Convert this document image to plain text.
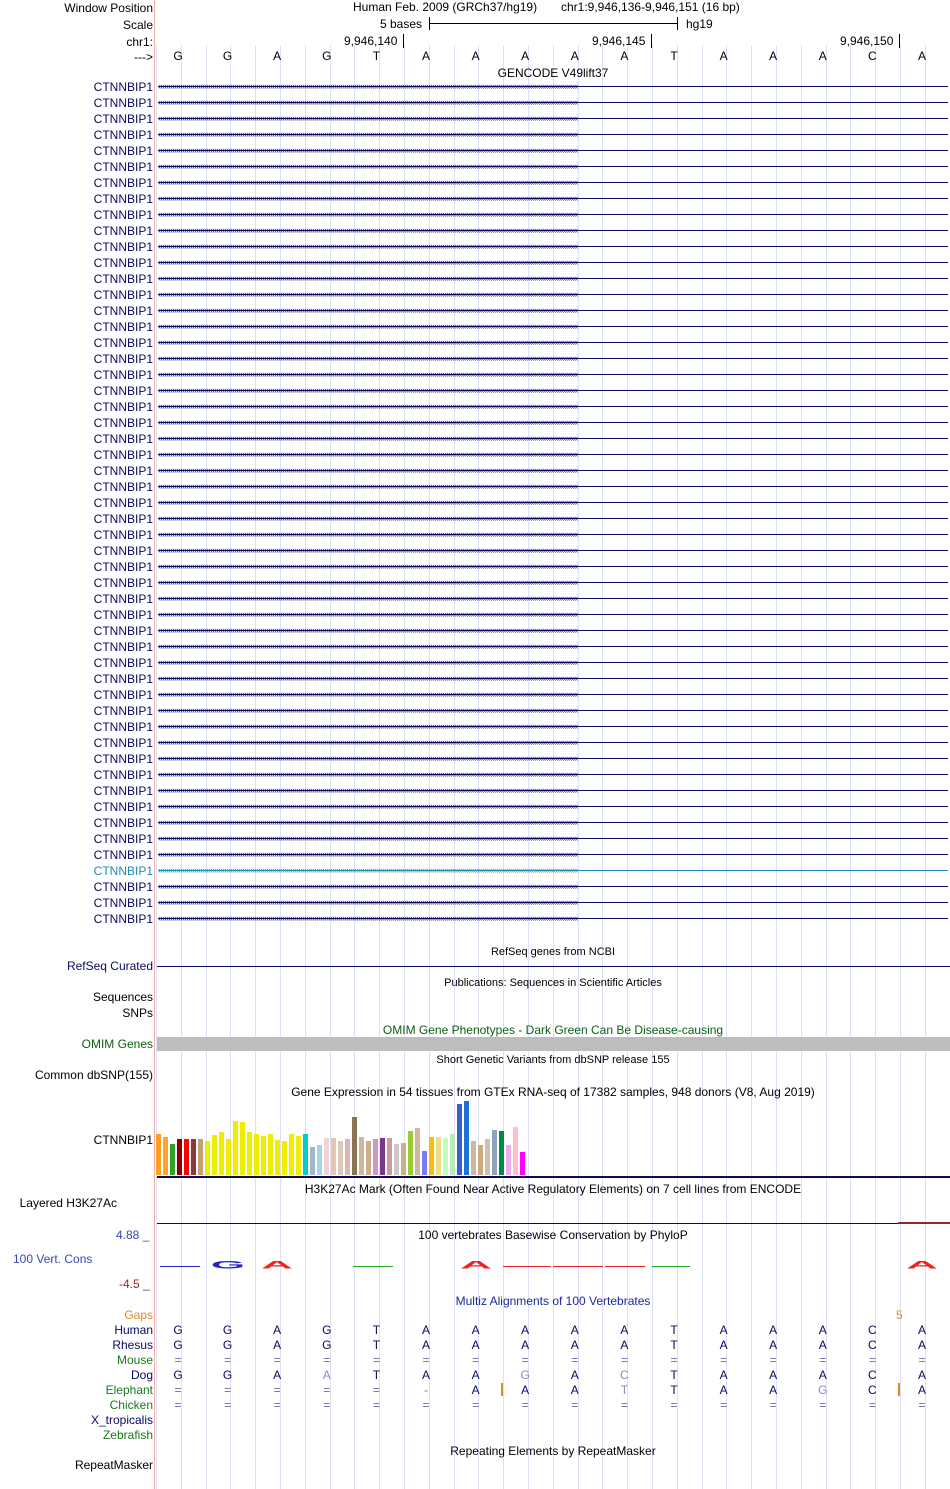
Window Position	Human Feb. 2009 (GRCh37/hg19) chr1:9,946,136-9,946,151 (16 bp)
Scale	5 bases	hg19
chr1:	9,946,140	9,946,145	9,946,150
--->	G	G	A	G	T	A	A	A	A	A	T	A	A	A	C	A
GENCODE V49lift37
CTNNBIP1 ‹‹‹‹‹‹‹‹‹‹‹‹‹‹‹‹‹‹‹‹‹‹‹‹‹‹‹‹‹‹‹‹‹‹‹‹‹‹‹‹‹‹‹‹‹‹‹‹‹‹‹‹‹‹‹‹‹‹‹‹‹‹‹‹‹‹‹‹‹‹‹‹‹‹‹‹‹‹‹‹‹‹‹‹‹‹‹‹‹‹‹‹‹‹‹‹‹‹‹‹‹‹‹‹‹‹‹‹‹‹‹‹‹‹‹‹‹‹‹‹‹‹‹‹‹‹‹‹‹‹‹‹‹‹‹‹‹‹‹‹‹‹‹‹‹‹‹‹‹‹‹‹‹‹‹‹‹‹‹‹‹‹‹‹‹‹‹‹‹‹‹‹‹‹‹‹‹‹‹‹‹‹‹‹‹‹‹‹‹‹‹‹‹‹‹‹‹‹‹‹‹‹‹‹‹‹‹‹‹‹
CTNNBIP1 ‹‹‹‹‹‹‹‹‹‹‹‹‹‹‹‹‹‹‹‹‹‹‹‹‹‹‹‹‹‹‹‹‹‹‹‹‹‹‹‹‹‹‹‹‹‹‹‹‹‹‹‹‹‹‹‹‹‹‹‹‹‹‹‹‹‹‹‹‹‹‹‹‹‹‹‹‹‹‹‹‹‹‹‹‹‹‹‹‹‹‹‹‹‹‹‹‹‹‹‹‹‹‹‹‹‹‹‹‹‹‹‹‹‹‹‹‹‹‹‹‹‹‹‹‹‹‹‹‹‹‹‹‹‹‹‹‹‹‹‹‹‹‹‹‹‹‹‹‹‹‹‹‹‹‹‹‹‹‹‹‹‹‹‹‹‹‹‹‹‹‹‹‹‹‹‹‹‹‹‹‹‹‹‹‹‹‹‹‹‹‹‹‹‹‹‹‹‹‹‹‹‹‹‹‹‹‹‹‹‹
CTNNBIP1 ‹‹‹‹‹‹‹‹‹‹‹‹‹‹‹‹‹‹‹‹‹‹‹‹‹‹‹‹‹‹‹‹‹‹‹‹‹‹‹‹‹‹‹‹‹‹‹‹‹‹‹‹‹‹‹‹‹‹‹‹‹‹‹‹‹‹‹‹‹‹‹‹‹‹‹‹‹‹‹‹‹‹‹‹‹‹‹‹‹‹‹‹‹‹‹‹‹‹‹‹‹‹‹‹‹‹‹‹‹‹‹‹‹‹‹‹‹‹‹‹‹‹‹‹‹‹‹‹‹‹‹‹‹‹‹‹‹‹‹‹‹‹‹‹‹‹‹‹‹‹‹‹‹‹‹‹‹‹‹‹‹‹‹‹‹‹‹‹‹‹‹‹‹‹‹‹‹‹‹‹‹‹‹‹‹‹‹‹‹‹‹‹‹‹‹‹‹‹‹‹‹‹‹‹‹‹‹‹‹‹
CTNNBIP1 ‹‹‹‹‹‹‹‹‹‹‹‹‹‹‹‹‹‹‹‹‹‹‹‹‹‹‹‹‹‹‹‹‹‹‹‹‹‹‹‹‹‹‹‹‹‹‹‹‹‹‹‹‹‹‹‹‹‹‹‹‹‹‹‹‹‹‹‹‹‹‹‹‹‹‹‹‹‹‹‹‹‹‹‹‹‹‹‹‹‹‹‹‹‹‹‹‹‹‹‹‹‹‹‹‹‹‹‹‹‹‹‹‹‹‹‹‹‹‹‹‹‹‹‹‹‹‹‹‹‹‹‹‹‹‹‹‹‹‹‹‹‹‹‹‹‹‹‹‹‹‹‹‹‹‹‹‹‹‹‹‹‹‹‹‹‹‹‹‹‹‹‹‹‹‹‹‹‹‹‹‹‹‹‹‹‹‹‹‹‹‹‹‹‹‹‹‹‹‹‹‹‹‹‹‹‹‹‹‹‹
CTNNBIP1 ‹‹‹‹‹‹‹‹‹‹‹‹‹‹‹‹‹‹‹‹‹‹‹‹‹‹‹‹‹‹‹‹‹‹‹‹‹‹‹‹‹‹‹‹‹‹‹‹‹‹‹‹‹‹‹‹‹‹‹‹‹‹‹‹‹‹‹‹‹‹‹‹‹‹‹‹‹‹‹‹‹‹‹‹‹‹‹‹‹‹‹‹‹‹‹‹‹‹‹‹‹‹‹‹‹‹‹‹‹‹‹‹‹‹‹‹‹‹‹‹‹‹‹‹‹‹‹‹‹‹‹‹‹‹‹‹‹‹‹‹‹‹‹‹‹‹‹‹‹‹‹‹‹‹‹‹‹‹‹‹‹‹‹‹‹‹‹‹‹‹‹‹‹‹‹‹‹‹‹‹‹‹‹‹‹‹‹‹‹‹‹‹‹‹‹‹‹‹‹‹‹‹‹‹‹‹‹‹‹‹
CTNNBIP1 ‹‹‹‹‹‹‹‹‹‹‹‹‹‹‹‹‹‹‹‹‹‹‹‹‹‹‹‹‹‹‹‹‹‹‹‹‹‹‹‹‹‹‹‹‹‹‹‹‹‹‹‹‹‹‹‹‹‹‹‹‹‹‹‹‹‹‹‹‹‹‹‹‹‹‹‹‹‹‹‹‹‹‹‹‹‹‹‹‹‹‹‹‹‹‹‹‹‹‹‹‹‹‹‹‹‹‹‹‹‹‹‹‹‹‹‹‹‹‹‹‹‹‹‹‹‹‹‹‹‹‹‹‹‹‹‹‹‹‹‹‹‹‹‹‹‹‹‹‹‹‹‹‹‹‹‹‹‹‹‹‹‹‹‹‹‹‹‹‹‹‹‹‹‹‹‹‹‹‹‹‹‹‹‹‹‹‹‹‹‹‹‹‹‹‹‹‹‹‹‹‹‹‹‹‹‹‹‹‹‹
CTNNBIP1 ‹‹‹‹‹‹‹‹‹‹‹‹‹‹‹‹‹‹‹‹‹‹‹‹‹‹‹‹‹‹‹‹‹‹‹‹‹‹‹‹‹‹‹‹‹‹‹‹‹‹‹‹‹‹‹‹‹‹‹‹‹‹‹‹‹‹‹‹‹‹‹‹‹‹‹‹‹‹‹‹‹‹‹‹‹‹‹‹‹‹‹‹‹‹‹‹‹‹‹‹‹‹‹‹‹‹‹‹‹‹‹‹‹‹‹‹‹‹‹‹‹‹‹‹‹‹‹‹‹‹‹‹‹‹‹‹‹‹‹‹‹‹‹‹‹‹‹‹‹‹‹‹‹‹‹‹‹‹‹‹‹‹‹‹‹‹‹‹‹‹‹‹‹‹‹‹‹‹‹‹‹‹‹‹‹‹‹‹‹‹‹‹‹‹‹‹‹‹‹‹‹‹‹‹‹‹‹‹‹‹
CTNNBIP1 ‹‹‹‹‹‹‹‹‹‹‹‹‹‹‹‹‹‹‹‹‹‹‹‹‹‹‹‹‹‹‹‹‹‹‹‹‹‹‹‹‹‹‹‹‹‹‹‹‹‹‹‹‹‹‹‹‹‹‹‹‹‹‹‹‹‹‹‹‹‹‹‹‹‹‹‹‹‹‹‹‹‹‹‹‹‹‹‹‹‹‹‹‹‹‹‹‹‹‹‹‹‹‹‹‹‹‹‹‹‹‹‹‹‹‹‹‹‹‹‹‹‹‹‹‹‹‹‹‹‹‹‹‹‹‹‹‹‹‹‹‹‹‹‹‹‹‹‹‹‹‹‹‹‹‹‹‹‹‹‹‹‹‹‹‹‹‹‹‹‹‹‹‹‹‹‹‹‹‹‹‹‹‹‹‹‹‹‹‹‹‹‹‹‹‹‹‹‹‹‹‹‹‹‹‹‹‹‹‹‹
CTNNBIP1 ‹‹‹‹‹‹‹‹‹‹‹‹‹‹‹‹‹‹‹‹‹‹‹‹‹‹‹‹‹‹‹‹‹‹‹‹‹‹‹‹‹‹‹‹‹‹‹‹‹‹‹‹‹‹‹‹‹‹‹‹‹‹‹‹‹‹‹‹‹‹‹‹‹‹‹‹‹‹‹‹‹‹‹‹‹‹‹‹‹‹‹‹‹‹‹‹‹‹‹‹‹‹‹‹‹‹‹‹‹‹‹‹‹‹‹‹‹‹‹‹‹‹‹‹‹‹‹‹‹‹‹‹‹‹‹‹‹‹‹‹‹‹‹‹‹‹‹‹‹‹‹‹‹‹‹‹‹‹‹‹‹‹‹‹‹‹‹‹‹‹‹‹‹‹‹‹‹‹‹‹‹‹‹‹‹‹‹‹‹‹‹‹‹‹‹‹‹‹‹‹‹‹‹‹‹‹‹‹‹‹
CTNNBIP1 ‹‹‹‹‹‹‹‹‹‹‹‹‹‹‹‹‹‹‹‹‹‹‹‹‹‹‹‹‹‹‹‹‹‹‹‹‹‹‹‹‹‹‹‹‹‹‹‹‹‹‹‹‹‹‹‹‹‹‹‹‹‹‹‹‹‹‹‹‹‹‹‹‹‹‹‹‹‹‹‹‹‹‹‹‹‹‹‹‹‹‹‹‹‹‹‹‹‹‹‹‹‹‹‹‹‹‹‹‹‹‹‹‹‹‹‹‹‹‹‹‹‹‹‹‹‹‹‹‹‹‹‹‹‹‹‹‹‹‹‹‹‹‹‹‹‹‹‹‹‹‹‹‹‹‹‹‹‹‹‹‹‹‹‹‹‹‹‹‹‹‹‹‹‹‹‹‹‹‹‹‹‹‹‹‹‹‹‹‹‹‹‹‹‹‹‹‹‹‹‹‹‹‹‹‹‹‹‹‹‹
CTNNBIP1 ‹‹‹‹‹‹‹‹‹‹‹‹‹‹‹‹‹‹‹‹‹‹‹‹‹‹‹‹‹‹‹‹‹‹‹‹‹‹‹‹‹‹‹‹‹‹‹‹‹‹‹‹‹‹‹‹‹‹‹‹‹‹‹‹‹‹‹‹‹‹‹‹‹‹‹‹‹‹‹‹‹‹‹‹‹‹‹‹‹‹‹‹‹‹‹‹‹‹‹‹‹‹‹‹‹‹‹‹‹‹‹‹‹‹‹‹‹‹‹‹‹‹‹‹‹‹‹‹‹‹‹‹‹‹‹‹‹‹‹‹‹‹‹‹‹‹‹‹‹‹‹‹‹‹‹‹‹‹‹‹‹‹‹‹‹‹‹‹‹‹‹‹‹‹‹‹‹‹‹‹‹‹‹‹‹‹‹‹‹‹‹‹‹‹‹‹‹‹‹‹‹‹‹‹‹‹‹‹‹‹
CTNNBIP1 ‹‹‹‹‹‹‹‹‹‹‹‹‹‹‹‹‹‹‹‹‹‹‹‹‹‹‹‹‹‹‹‹‹‹‹‹‹‹‹‹‹‹‹‹‹‹‹‹‹‹‹‹‹‹‹‹‹‹‹‹‹‹‹‹‹‹‹‹‹‹‹‹‹‹‹‹‹‹‹‹‹‹‹‹‹‹‹‹‹‹‹‹‹‹‹‹‹‹‹‹‹‹‹‹‹‹‹‹‹‹‹‹‹‹‹‹‹‹‹‹‹‹‹‹‹‹‹‹‹‹‹‹‹‹‹‹‹‹‹‹‹‹‹‹‹‹‹‹‹‹‹‹‹‹‹‹‹‹‹‹‹‹‹‹‹‹‹‹‹‹‹‹‹‹‹‹‹‹‹‹‹‹‹‹‹‹‹‹‹‹‹‹‹‹‹‹‹‹‹‹‹‹‹‹‹‹‹‹‹‹
CTNNBIP1 ‹‹‹‹‹‹‹‹‹‹‹‹‹‹‹‹‹‹‹‹‹‹‹‹‹‹‹‹‹‹‹‹‹‹‹‹‹‹‹‹‹‹‹‹‹‹‹‹‹‹‹‹‹‹‹‹‹‹‹‹‹‹‹‹‹‹‹‹‹‹‹‹‹‹‹‹‹‹‹‹‹‹‹‹‹‹‹‹‹‹‹‹‹‹‹‹‹‹‹‹‹‹‹‹‹‹‹‹‹‹‹‹‹‹‹‹‹‹‹‹‹‹‹‹‹‹‹‹‹‹‹‹‹‹‹‹‹‹‹‹‹‹‹‹‹‹‹‹‹‹‹‹‹‹‹‹‹‹‹‹‹‹‹‹‹‹‹‹‹‹‹‹‹‹‹‹‹‹‹‹‹‹‹‹‹‹‹‹‹‹‹‹‹‹‹‹‹‹‹‹‹‹‹‹‹‹‹‹‹‹
CTNNBIP1 ‹‹‹‹‹‹‹‹‹‹‹‹‹‹‹‹‹‹‹‹‹‹‹‹‹‹‹‹‹‹‹‹‹‹‹‹‹‹‹‹‹‹‹‹‹‹‹‹‹‹‹‹‹‹‹‹‹‹‹‹‹‹‹‹‹‹‹‹‹‹‹‹‹‹‹‹‹‹‹‹‹‹‹‹‹‹‹‹‹‹‹‹‹‹‹‹‹‹‹‹‹‹‹‹‹‹‹‹‹‹‹‹‹‹‹‹‹‹‹‹‹‹‹‹‹‹‹‹‹‹‹‹‹‹‹‹‹‹‹‹‹‹‹‹‹‹‹‹‹‹‹‹‹‹‹‹‹‹‹‹‹‹‹‹‹‹‹‹‹‹‹‹‹‹‹‹‹‹‹‹‹‹‹‹‹‹‹‹‹‹‹‹‹‹‹‹‹‹‹‹‹‹‹‹‹‹‹‹‹‹
CTNNBIP1 ‹‹‹‹‹‹‹‹‹‹‹‹‹‹‹‹‹‹‹‹‹‹‹‹‹‹‹‹‹‹‹‹‹‹‹‹‹‹‹‹‹‹‹‹‹‹‹‹‹‹‹‹‹‹‹‹‹‹‹‹‹‹‹‹‹‹‹‹‹‹‹‹‹‹‹‹‹‹‹‹‹‹‹‹‹‹‹‹‹‹‹‹‹‹‹‹‹‹‹‹‹‹‹‹‹‹‹‹‹‹‹‹‹‹‹‹‹‹‹‹‹‹‹‹‹‹‹‹‹‹‹‹‹‹‹‹‹‹‹‹‹‹‹‹‹‹‹‹‹‹‹‹‹‹‹‹‹‹‹‹‹‹‹‹‹‹‹‹‹‹‹‹‹‹‹‹‹‹‹‹‹‹‹‹‹‹‹‹‹‹‹‹‹‹‹‹‹‹‹‹‹‹‹‹‹‹‹‹‹‹
CTNNBIP1 ‹‹‹‹‹‹‹‹‹‹‹‹‹‹‹‹‹‹‹‹‹‹‹‹‹‹‹‹‹‹‹‹‹‹‹‹‹‹‹‹‹‹‹‹‹‹‹‹‹‹‹‹‹‹‹‹‹‹‹‹‹‹‹‹‹‹‹‹‹‹‹‹‹‹‹‹‹‹‹‹‹‹‹‹‹‹‹‹‹‹‹‹‹‹‹‹‹‹‹‹‹‹‹‹‹‹‹‹‹‹‹‹‹‹‹‹‹‹‹‹‹‹‹‹‹‹‹‹‹‹‹‹‹‹‹‹‹‹‹‹‹‹‹‹‹‹‹‹‹‹‹‹‹‹‹‹‹‹‹‹‹‹‹‹‹‹‹‹‹‹‹‹‹‹‹‹‹‹‹‹‹‹‹‹‹‹‹‹‹‹‹‹‹‹‹‹‹‹‹‹‹‹‹‹‹‹‹‹‹‹
CTNNBIP1 ‹‹‹‹‹‹‹‹‹‹‹‹‹‹‹‹‹‹‹‹‹‹‹‹‹‹‹‹‹‹‹‹‹‹‹‹‹‹‹‹‹‹‹‹‹‹‹‹‹‹‹‹‹‹‹‹‹‹‹‹‹‹‹‹‹‹‹‹‹‹‹‹‹‹‹‹‹‹‹‹‹‹‹‹‹‹‹‹‹‹‹‹‹‹‹‹‹‹‹‹‹‹‹‹‹‹‹‹‹‹‹‹‹‹‹‹‹‹‹‹‹‹‹‹‹‹‹‹‹‹‹‹‹‹‹‹‹‹‹‹‹‹‹‹‹‹‹‹‹‹‹‹‹‹‹‹‹‹‹‹‹‹‹‹‹‹‹‹‹‹‹‹‹‹‹‹‹‹‹‹‹‹‹‹‹‹‹‹‹‹‹‹‹‹‹‹‹‹‹‹‹‹‹‹‹‹‹‹‹‹
CTNNBIP1 ‹‹‹‹‹‹‹‹‹‹‹‹‹‹‹‹‹‹‹‹‹‹‹‹‹‹‹‹‹‹‹‹‹‹‹‹‹‹‹‹‹‹‹‹‹‹‹‹‹‹‹‹‹‹‹‹‹‹‹‹‹‹‹‹‹‹‹‹‹‹‹‹‹‹‹‹‹‹‹‹‹‹‹‹‹‹‹‹‹‹‹‹‹‹‹‹‹‹‹‹‹‹‹‹‹‹‹‹‹‹‹‹‹‹‹‹‹‹‹‹‹‹‹‹‹‹‹‹‹‹‹‹‹‹‹‹‹‹‹‹‹‹‹‹‹‹‹‹‹‹‹‹‹‹‹‹‹‹‹‹‹‹‹‹‹‹‹‹‹‹‹‹‹‹‹‹‹‹‹‹‹‹‹‹‹‹‹‹‹‹‹‹‹‹‹‹‹‹‹‹‹‹‹‹‹‹‹‹‹‹
CTNNBIP1 ‹‹‹‹‹‹‹‹‹‹‹‹‹‹‹‹‹‹‹‹‹‹‹‹‹‹‹‹‹‹‹‹‹‹‹‹‹‹‹‹‹‹‹‹‹‹‹‹‹‹‹‹‹‹‹‹‹‹‹‹‹‹‹‹‹‹‹‹‹‹‹‹‹‹‹‹‹‹‹‹‹‹‹‹‹‹‹‹‹‹‹‹‹‹‹‹‹‹‹‹‹‹‹‹‹‹‹‹‹‹‹‹‹‹‹‹‹‹‹‹‹‹‹‹‹‹‹‹‹‹‹‹‹‹‹‹‹‹‹‹‹‹‹‹‹‹‹‹‹‹‹‹‹‹‹‹‹‹‹‹‹‹‹‹‹‹‹‹‹‹‹‹‹‹‹‹‹‹‹‹‹‹‹‹‹‹‹‹‹‹‹‹‹‹‹‹‹‹‹‹‹‹‹‹‹‹‹‹‹‹
CTNNBIP1 ‹‹‹‹‹‹‹‹‹‹‹‹‹‹‹‹‹‹‹‹‹‹‹‹‹‹‹‹‹‹‹‹‹‹‹‹‹‹‹‹‹‹‹‹‹‹‹‹‹‹‹‹‹‹‹‹‹‹‹‹‹‹‹‹‹‹‹‹‹‹‹‹‹‹‹‹‹‹‹‹‹‹‹‹‹‹‹‹‹‹‹‹‹‹‹‹‹‹‹‹‹‹‹‹‹‹‹‹‹‹‹‹‹‹‹‹‹‹‹‹‹‹‹‹‹‹‹‹‹‹‹‹‹‹‹‹‹‹‹‹‹‹‹‹‹‹‹‹‹‹‹‹‹‹‹‹‹‹‹‹‹‹‹‹‹‹‹‹‹‹‹‹‹‹‹‹‹‹‹‹‹‹‹‹‹‹‹‹‹‹‹‹‹‹‹‹‹‹‹‹‹‹‹‹‹‹‹‹‹‹
CTNNBIP1 ‹‹‹‹‹‹‹‹‹‹‹‹‹‹‹‹‹‹‹‹‹‹‹‹‹‹‹‹‹‹‹‹‹‹‹‹‹‹‹‹‹‹‹‹‹‹‹‹‹‹‹‹‹‹‹‹‹‹‹‹‹‹‹‹‹‹‹‹‹‹‹‹‹‹‹‹‹‹‹‹‹‹‹‹‹‹‹‹‹‹‹‹‹‹‹‹‹‹‹‹‹‹‹‹‹‹‹‹‹‹‹‹‹‹‹‹‹‹‹‹‹‹‹‹‹‹‹‹‹‹‹‹‹‹‹‹‹‹‹‹‹‹‹‹‹‹‹‹‹‹‹‹‹‹‹‹‹‹‹‹‹‹‹‹‹‹‹‹‹‹‹‹‹‹‹‹‹‹‹‹‹‹‹‹‹‹‹‹‹‹‹‹‹‹‹‹‹‹‹‹‹‹‹‹‹‹‹‹‹‹
CTNNBIP1 ‹‹‹‹‹‹‹‹‹‹‹‹‹‹‹‹‹‹‹‹‹‹‹‹‹‹‹‹‹‹‹‹‹‹‹‹‹‹‹‹‹‹‹‹‹‹‹‹‹‹‹‹‹‹‹‹‹‹‹‹‹‹‹‹‹‹‹‹‹‹‹‹‹‹‹‹‹‹‹‹‹‹‹‹‹‹‹‹‹‹‹‹‹‹‹‹‹‹‹‹‹‹‹‹‹‹‹‹‹‹‹‹‹‹‹‹‹‹‹‹‹‹‹‹‹‹‹‹‹‹‹‹‹‹‹‹‹‹‹‹‹‹‹‹‹‹‹‹‹‹‹‹‹‹‹‹‹‹‹‹‹‹‹‹‹‹‹‹‹‹‹‹‹‹‹‹‹‹‹‹‹‹‹‹‹‹‹‹‹‹‹‹‹‹‹‹‹‹‹‹‹‹‹‹‹‹‹‹‹‹
CTNNBIP1 ‹‹‹‹‹‹‹‹‹‹‹‹‹‹‹‹‹‹‹‹‹‹‹‹‹‹‹‹‹‹‹‹‹‹‹‹‹‹‹‹‹‹‹‹‹‹‹‹‹‹‹‹‹‹‹‹‹‹‹‹‹‹‹‹‹‹‹‹‹‹‹‹‹‹‹‹‹‹‹‹‹‹‹‹‹‹‹‹‹‹‹‹‹‹‹‹‹‹‹‹‹‹‹‹‹‹‹‹‹‹‹‹‹‹‹‹‹‹‹‹‹‹‹‹‹‹‹‹‹‹‹‹‹‹‹‹‹‹‹‹‹‹‹‹‹‹‹‹‹‹‹‹‹‹‹‹‹‹‹‹‹‹‹‹‹‹‹‹‹‹‹‹‹‹‹‹‹‹‹‹‹‹‹‹‹‹‹‹‹‹‹‹‹‹‹‹‹‹‹‹‹‹‹‹‹‹‹‹‹‹
CTNNBIP1 ‹‹‹‹‹‹‹‹‹‹‹‹‹‹‹‹‹‹‹‹‹‹‹‹‹‹‹‹‹‹‹‹‹‹‹‹‹‹‹‹‹‹‹‹‹‹‹‹‹‹‹‹‹‹‹‹‹‹‹‹‹‹‹‹‹‹‹‹‹‹‹‹‹‹‹‹‹‹‹‹‹‹‹‹‹‹‹‹‹‹‹‹‹‹‹‹‹‹‹‹‹‹‹‹‹‹‹‹‹‹‹‹‹‹‹‹‹‹‹‹‹‹‹‹‹‹‹‹‹‹‹‹‹‹‹‹‹‹‹‹‹‹‹‹‹‹‹‹‹‹‹‹‹‹‹‹‹‹‹‹‹‹‹‹‹‹‹‹‹‹‹‹‹‹‹‹‹‹‹‹‹‹‹‹‹‹‹‹‹‹‹‹‹‹‹‹‹‹‹‹‹‹‹‹‹‹‹‹‹‹
CTNNBIP1 ‹‹‹‹‹‹‹‹‹‹‹‹‹‹‹‹‹‹‹‹‹‹‹‹‹‹‹‹‹‹‹‹‹‹‹‹‹‹‹‹‹‹‹‹‹‹‹‹‹‹‹‹‹‹‹‹‹‹‹‹‹‹‹‹‹‹‹‹‹‹‹‹‹‹‹‹‹‹‹‹‹‹‹‹‹‹‹‹‹‹‹‹‹‹‹‹‹‹‹‹‹‹‹‹‹‹‹‹‹‹‹‹‹‹‹‹‹‹‹‹‹‹‹‹‹‹‹‹‹‹‹‹‹‹‹‹‹‹‹‹‹‹‹‹‹‹‹‹‹‹‹‹‹‹‹‹‹‹‹‹‹‹‹‹‹‹‹‹‹‹‹‹‹‹‹‹‹‹‹‹‹‹‹‹‹‹‹‹‹‹‹‹‹‹‹‹‹‹‹‹‹‹‹‹‹‹‹‹‹‹
CTNNBIP1 ‹‹‹‹‹‹‹‹‹‹‹‹‹‹‹‹‹‹‹‹‹‹‹‹‹‹‹‹‹‹‹‹‹‹‹‹‹‹‹‹‹‹‹‹‹‹‹‹‹‹‹‹‹‹‹‹‹‹‹‹‹‹‹‹‹‹‹‹‹‹‹‹‹‹‹‹‹‹‹‹‹‹‹‹‹‹‹‹‹‹‹‹‹‹‹‹‹‹‹‹‹‹‹‹‹‹‹‹‹‹‹‹‹‹‹‹‹‹‹‹‹‹‹‹‹‹‹‹‹‹‹‹‹‹‹‹‹‹‹‹‹‹‹‹‹‹‹‹‹‹‹‹‹‹‹‹‹‹‹‹‹‹‹‹‹‹‹‹‹‹‹‹‹‹‹‹‹‹‹‹‹‹‹‹‹‹‹‹‹‹‹‹‹‹‹‹‹‹‹‹‹‹‹‹‹‹‹‹‹‹
CTNNBIP1 ‹‹‹‹‹‹‹‹‹‹‹‹‹‹‹‹‹‹‹‹‹‹‹‹‹‹‹‹‹‹‹‹‹‹‹‹‹‹‹‹‹‹‹‹‹‹‹‹‹‹‹‹‹‹‹‹‹‹‹‹‹‹‹‹‹‹‹‹‹‹‹‹‹‹‹‹‹‹‹‹‹‹‹‹‹‹‹‹‹‹‹‹‹‹‹‹‹‹‹‹‹‹‹‹‹‹‹‹‹‹‹‹‹‹‹‹‹‹‹‹‹‹‹‹‹‹‹‹‹‹‹‹‹‹‹‹‹‹‹‹‹‹‹‹‹‹‹‹‹‹‹‹‹‹‹‹‹‹‹‹‹‹‹‹‹‹‹‹‹‹‹‹‹‹‹‹‹‹‹‹‹‹‹‹‹‹‹‹‹‹‹‹‹‹‹‹‹‹‹‹‹‹‹‹‹‹‹‹‹‹
CTNNBIP1 ‹‹‹‹‹‹‹‹‹‹‹‹‹‹‹‹‹‹‹‹‹‹‹‹‹‹‹‹‹‹‹‹‹‹‹‹‹‹‹‹‹‹‹‹‹‹‹‹‹‹‹‹‹‹‹‹‹‹‹‹‹‹‹‹‹‹‹‹‹‹‹‹‹‹‹‹‹‹‹‹‹‹‹‹‹‹‹‹‹‹‹‹‹‹‹‹‹‹‹‹‹‹‹‹‹‹‹‹‹‹‹‹‹‹‹‹‹‹‹‹‹‹‹‹‹‹‹‹‹‹‹‹‹‹‹‹‹‹‹‹‹‹‹‹‹‹‹‹‹‹‹‹‹‹‹‹‹‹‹‹‹‹‹‹‹‹‹‹‹‹‹‹‹‹‹‹‹‹‹‹‹‹‹‹‹‹‹‹‹‹‹‹‹‹‹‹‹‹‹‹‹‹‹‹‹‹‹‹‹‹
CTNNBIP1 ‹‹‹‹‹‹‹‹‹‹‹‹‹‹‹‹‹‹‹‹‹‹‹‹‹‹‹‹‹‹‹‹‹‹‹‹‹‹‹‹‹‹‹‹‹‹‹‹‹‹‹‹‹‹‹‹‹‹‹‹‹‹‹‹‹‹‹‹‹‹‹‹‹‹‹‹‹‹‹‹‹‹‹‹‹‹‹‹‹‹‹‹‹‹‹‹‹‹‹‹‹‹‹‹‹‹‹‹‹‹‹‹‹‹‹‹‹‹‹‹‹‹‹‹‹‹‹‹‹‹‹‹‹‹‹‹‹‹‹‹‹‹‹‹‹‹‹‹‹‹‹‹‹‹‹‹‹‹‹‹‹‹‹‹‹‹‹‹‹‹‹‹‹‹‹‹‹‹‹‹‹‹‹‹‹‹‹‹‹‹‹‹‹‹‹‹‹‹‹‹‹‹‹‹‹‹‹‹‹‹
CTNNBIP1 ‹‹‹‹‹‹‹‹‹‹‹‹‹‹‹‹‹‹‹‹‹‹‹‹‹‹‹‹‹‹‹‹‹‹‹‹‹‹‹‹‹‹‹‹‹‹‹‹‹‹‹‹‹‹‹‹‹‹‹‹‹‹‹‹‹‹‹‹‹‹‹‹‹‹‹‹‹‹‹‹‹‹‹‹‹‹‹‹‹‹‹‹‹‹‹‹‹‹‹‹‹‹‹‹‹‹‹‹‹‹‹‹‹‹‹‹‹‹‹‹‹‹‹‹‹‹‹‹‹‹‹‹‹‹‹‹‹‹‹‹‹‹‹‹‹‹‹‹‹‹‹‹‹‹‹‹‹‹‹‹‹‹‹‹‹‹‹‹‹‹‹‹‹‹‹‹‹‹‹‹‹‹‹‹‹‹‹‹‹‹‹‹‹‹‹‹‹‹‹‹‹‹‹‹‹‹‹‹‹‹
CTNNBIP1 ‹‹‹‹‹‹‹‹‹‹‹‹‹‹‹‹‹‹‹‹‹‹‹‹‹‹‹‹‹‹‹‹‹‹‹‹‹‹‹‹‹‹‹‹‹‹‹‹‹‹‹‹‹‹‹‹‹‹‹‹‹‹‹‹‹‹‹‹‹‹‹‹‹‹‹‹‹‹‹‹‹‹‹‹‹‹‹‹‹‹‹‹‹‹‹‹‹‹‹‹‹‹‹‹‹‹‹‹‹‹‹‹‹‹‹‹‹‹‹‹‹‹‹‹‹‹‹‹‹‹‹‹‹‹‹‹‹‹‹‹‹‹‹‹‹‹‹‹‹‹‹‹‹‹‹‹‹‹‹‹‹‹‹‹‹‹‹‹‹‹‹‹‹‹‹‹‹‹‹‹‹‹‹‹‹‹‹‹‹‹‹‹‹‹‹‹‹‹‹‹‹‹‹‹‹‹‹‹‹‹
CTNNBIP1 ‹‹‹‹‹‹‹‹‹‹‹‹‹‹‹‹‹‹‹‹‹‹‹‹‹‹‹‹‹‹‹‹‹‹‹‹‹‹‹‹‹‹‹‹‹‹‹‹‹‹‹‹‹‹‹‹‹‹‹‹‹‹‹‹‹‹‹‹‹‹‹‹‹‹‹‹‹‹‹‹‹‹‹‹‹‹‹‹‹‹‹‹‹‹‹‹‹‹‹‹‹‹‹‹‹‹‹‹‹‹‹‹‹‹‹‹‹‹‹‹‹‹‹‹‹‹‹‹‹‹‹‹‹‹‹‹‹‹‹‹‹‹‹‹‹‹‹‹‹‹‹‹‹‹‹‹‹‹‹‹‹‹‹‹‹‹‹‹‹‹‹‹‹‹‹‹‹‹‹‹‹‹‹‹‹‹‹‹‹‹‹‹‹‹‹‹‹‹‹‹‹‹‹‹‹‹‹‹‹‹
CTNNBIP1 ‹‹‹‹‹‹‹‹‹‹‹‹‹‹‹‹‹‹‹‹‹‹‹‹‹‹‹‹‹‹‹‹‹‹‹‹‹‹‹‹‹‹‹‹‹‹‹‹‹‹‹‹‹‹‹‹‹‹‹‹‹‹‹‹‹‹‹‹‹‹‹‹‹‹‹‹‹‹‹‹‹‹‹‹‹‹‹‹‹‹‹‹‹‹‹‹‹‹‹‹‹‹‹‹‹‹‹‹‹‹‹‹‹‹‹‹‹‹‹‹‹‹‹‹‹‹‹‹‹‹‹‹‹‹‹‹‹‹‹‹‹‹‹‹‹‹‹‹‹‹‹‹‹‹‹‹‹‹‹‹‹‹‹‹‹‹‹‹‹‹‹‹‹‹‹‹‹‹‹‹‹‹‹‹‹‹‹‹‹‹‹‹‹‹‹‹‹‹‹‹‹‹‹‹‹‹‹‹‹‹
CTNNBIP1 ‹‹‹‹‹‹‹‹‹‹‹‹‹‹‹‹‹‹‹‹‹‹‹‹‹‹‹‹‹‹‹‹‹‹‹‹‹‹‹‹‹‹‹‹‹‹‹‹‹‹‹‹‹‹‹‹‹‹‹‹‹‹‹‹‹‹‹‹‹‹‹‹‹‹‹‹‹‹‹‹‹‹‹‹‹‹‹‹‹‹‹‹‹‹‹‹‹‹‹‹‹‹‹‹‹‹‹‹‹‹‹‹‹‹‹‹‹‹‹‹‹‹‹‹‹‹‹‹‹‹‹‹‹‹‹‹‹‹‹‹‹‹‹‹‹‹‹‹‹‹‹‹‹‹‹‹‹‹‹‹‹‹‹‹‹‹‹‹‹‹‹‹‹‹‹‹‹‹‹‹‹‹‹‹‹‹‹‹‹‹‹‹‹‹‹‹‹‹‹‹‹‹‹‹‹‹‹‹‹‹
CTNNBIP1 ‹‹‹‹‹‹‹‹‹‹‹‹‹‹‹‹‹‹‹‹‹‹‹‹‹‹‹‹‹‹‹‹‹‹‹‹‹‹‹‹‹‹‹‹‹‹‹‹‹‹‹‹‹‹‹‹‹‹‹‹‹‹‹‹‹‹‹‹‹‹‹‹‹‹‹‹‹‹‹‹‹‹‹‹‹‹‹‹‹‹‹‹‹‹‹‹‹‹‹‹‹‹‹‹‹‹‹‹‹‹‹‹‹‹‹‹‹‹‹‹‹‹‹‹‹‹‹‹‹‹‹‹‹‹‹‹‹‹‹‹‹‹‹‹‹‹‹‹‹‹‹‹‹‹‹‹‹‹‹‹‹‹‹‹‹‹‹‹‹‹‹‹‹‹‹‹‹‹‹‹‹‹‹‹‹‹‹‹‹‹‹‹‹‹‹‹‹‹‹‹‹‹‹‹‹‹‹‹‹‹
CTNNBIP1 ‹‹‹‹‹‹‹‹‹‹‹‹‹‹‹‹‹‹‹‹‹‹‹‹‹‹‹‹‹‹‹‹‹‹‹‹‹‹‹‹‹‹‹‹‹‹‹‹‹‹‹‹‹‹‹‹‹‹‹‹‹‹‹‹‹‹‹‹‹‹‹‹‹‹‹‹‹‹‹‹‹‹‹‹‹‹‹‹‹‹‹‹‹‹‹‹‹‹‹‹‹‹‹‹‹‹‹‹‹‹‹‹‹‹‹‹‹‹‹‹‹‹‹‹‹‹‹‹‹‹‹‹‹‹‹‹‹‹‹‹‹‹‹‹‹‹‹‹‹‹‹‹‹‹‹‹‹‹‹‹‹‹‹‹‹‹‹‹‹‹‹‹‹‹‹‹‹‹‹‹‹‹‹‹‹‹‹‹‹‹‹‹‹‹‹‹‹‹‹‹‹‹‹‹‹‹‹‹‹‹
CTNNBIP1 ‹‹‹‹‹‹‹‹‹‹‹‹‹‹‹‹‹‹‹‹‹‹‹‹‹‹‹‹‹‹‹‹‹‹‹‹‹‹‹‹‹‹‹‹‹‹‹‹‹‹‹‹‹‹‹‹‹‹‹‹‹‹‹‹‹‹‹‹‹‹‹‹‹‹‹‹‹‹‹‹‹‹‹‹‹‹‹‹‹‹‹‹‹‹‹‹‹‹‹‹‹‹‹‹‹‹‹‹‹‹‹‹‹‹‹‹‹‹‹‹‹‹‹‹‹‹‹‹‹‹‹‹‹‹‹‹‹‹‹‹‹‹‹‹‹‹‹‹‹‹‹‹‹‹‹‹‹‹‹‹‹‹‹‹‹‹‹‹‹‹‹‹‹‹‹‹‹‹‹‹‹‹‹‹‹‹‹‹‹‹‹‹‹‹‹‹‹‹‹‹‹‹‹‹‹‹‹‹‹‹
CTNNBIP1 ‹‹‹‹‹‹‹‹‹‹‹‹‹‹‹‹‹‹‹‹‹‹‹‹‹‹‹‹‹‹‹‹‹‹‹‹‹‹‹‹‹‹‹‹‹‹‹‹‹‹‹‹‹‹‹‹‹‹‹‹‹‹‹‹‹‹‹‹‹‹‹‹‹‹‹‹‹‹‹‹‹‹‹‹‹‹‹‹‹‹‹‹‹‹‹‹‹‹‹‹‹‹‹‹‹‹‹‹‹‹‹‹‹‹‹‹‹‹‹‹‹‹‹‹‹‹‹‹‹‹‹‹‹‹‹‹‹‹‹‹‹‹‹‹‹‹‹‹‹‹‹‹‹‹‹‹‹‹‹‹‹‹‹‹‹‹‹‹‹‹‹‹‹‹‹‹‹‹‹‹‹‹‹‹‹‹‹‹‹‹‹‹‹‹‹‹‹‹‹‹‹‹‹‹‹‹‹‹‹‹
CTNNBIP1 ‹‹‹‹‹‹‹‹‹‹‹‹‹‹‹‹‹‹‹‹‹‹‹‹‹‹‹‹‹‹‹‹‹‹‹‹‹‹‹‹‹‹‹‹‹‹‹‹‹‹‹‹‹‹‹‹‹‹‹‹‹‹‹‹‹‹‹‹‹‹‹‹‹‹‹‹‹‹‹‹‹‹‹‹‹‹‹‹‹‹‹‹‹‹‹‹‹‹‹‹‹‹‹‹‹‹‹‹‹‹‹‹‹‹‹‹‹‹‹‹‹‹‹‹‹‹‹‹‹‹‹‹‹‹‹‹‹‹‹‹‹‹‹‹‹‹‹‹‹‹‹‹‹‹‹‹‹‹‹‹‹‹‹‹‹‹‹‹‹‹‹‹‹‹‹‹‹‹‹‹‹‹‹‹‹‹‹‹‹‹‹‹‹‹‹‹‹‹‹‹‹‹‹‹‹‹‹‹‹‹
CTNNBIP1 ‹‹‹‹‹‹‹‹‹‹‹‹‹‹‹‹‹‹‹‹‹‹‹‹‹‹‹‹‹‹‹‹‹‹‹‹‹‹‹‹‹‹‹‹‹‹‹‹‹‹‹‹‹‹‹‹‹‹‹‹‹‹‹‹‹‹‹‹‹‹‹‹‹‹‹‹‹‹‹‹‹‹‹‹‹‹‹‹‹‹‹‹‹‹‹‹‹‹‹‹‹‹‹‹‹‹‹‹‹‹‹‹‹‹‹‹‹‹‹‹‹‹‹‹‹‹‹‹‹‹‹‹‹‹‹‹‹‹‹‹‹‹‹‹‹‹‹‹‹‹‹‹‹‹‹‹‹‹‹‹‹‹‹‹‹‹‹‹‹‹‹‹‹‹‹‹‹‹‹‹‹‹‹‹‹‹‹‹‹‹‹‹‹‹‹‹‹‹‹‹‹‹‹‹‹‹‹‹‹‹
CTNNBIP1 ‹‹‹‹‹‹‹‹‹‹‹‹‹‹‹‹‹‹‹‹‹‹‹‹‹‹‹‹‹‹‹‹‹‹‹‹‹‹‹‹‹‹‹‹‹‹‹‹‹‹‹‹‹‹‹‹‹‹‹‹‹‹‹‹‹‹‹‹‹‹‹‹‹‹‹‹‹‹‹‹‹‹‹‹‹‹‹‹‹‹‹‹‹‹‹‹‹‹‹‹‹‹‹‹‹‹‹‹‹‹‹‹‹‹‹‹‹‹‹‹‹‹‹‹‹‹‹‹‹‹‹‹‹‹‹‹‹‹‹‹‹‹‹‹‹‹‹‹‹‹‹‹‹‹‹‹‹‹‹‹‹‹‹‹‹‹‹‹‹‹‹‹‹‹‹‹‹‹‹‹‹‹‹‹‹‹‹‹‹‹‹‹‹‹‹‹‹‹‹‹‹‹‹‹‹‹‹‹‹‹
CTNNBIP1 ‹‹‹‹‹‹‹‹‹‹‹‹‹‹‹‹‹‹‹‹‹‹‹‹‹‹‹‹‹‹‹‹‹‹‹‹‹‹‹‹‹‹‹‹‹‹‹‹‹‹‹‹‹‹‹‹‹‹‹‹‹‹‹‹‹‹‹‹‹‹‹‹‹‹‹‹‹‹‹‹‹‹‹‹‹‹‹‹‹‹‹‹‹‹‹‹‹‹‹‹‹‹‹‹‹‹‹‹‹‹‹‹‹‹‹‹‹‹‹‹‹‹‹‹‹‹‹‹‹‹‹‹‹‹‹‹‹‹‹‹‹‹‹‹‹‹‹‹‹‹‹‹‹‹‹‹‹‹‹‹‹‹‹‹‹‹‹‹‹‹‹‹‹‹‹‹‹‹‹‹‹‹‹‹‹‹‹‹‹‹‹‹‹‹‹‹‹‹‹‹‹‹‹‹‹‹‹‹‹‹
CTNNBIP1 ‹‹‹‹‹‹‹‹‹‹‹‹‹‹‹‹‹‹‹‹‹‹‹‹‹‹‹‹‹‹‹‹‹‹‹‹‹‹‹‹‹‹‹‹‹‹‹‹‹‹‹‹‹‹‹‹‹‹‹‹‹‹‹‹‹‹‹‹‹‹‹‹‹‹‹‹‹‹‹‹‹‹‹‹‹‹‹‹‹‹‹‹‹‹‹‹‹‹‹‹‹‹‹‹‹‹‹‹‹‹‹‹‹‹‹‹‹‹‹‹‹‹‹‹‹‹‹‹‹‹‹‹‹‹‹‹‹‹‹‹‹‹‹‹‹‹‹‹‹‹‹‹‹‹‹‹‹‹‹‹‹‹‹‹‹‹‹‹‹‹‹‹‹‹‹‹‹‹‹‹‹‹‹‹‹‹‹‹‹‹‹‹‹‹‹‹‹‹‹‹‹‹‹‹‹‹‹‹‹‹
CTNNBIP1 ‹‹‹‹‹‹‹‹‹‹‹‹‹‹‹‹‹‹‹‹‹‹‹‹‹‹‹‹‹‹‹‹‹‹‹‹‹‹‹‹‹‹‹‹‹‹‹‹‹‹‹‹‹‹‹‹‹‹‹‹‹‹‹‹‹‹‹‹‹‹‹‹‹‹‹‹‹‹‹‹‹‹‹‹‹‹‹‹‹‹‹‹‹‹‹‹‹‹‹‹‹‹‹‹‹‹‹‹‹‹‹‹‹‹‹‹‹‹‹‹‹‹‹‹‹‹‹‹‹‹‹‹‹‹‹‹‹‹‹‹‹‹‹‹‹‹‹‹‹‹‹‹‹‹‹‹‹‹‹‹‹‹‹‹‹‹‹‹‹‹‹‹‹‹‹‹‹‹‹‹‹‹‹‹‹‹‹‹‹‹‹‹‹‹‹‹‹‹‹‹‹‹‹‹‹‹‹‹‹‹
CTNNBIP1 ‹‹‹‹‹‹‹‹‹‹‹‹‹‹‹‹‹‹‹‹‹‹‹‹‹‹‹‹‹‹‹‹‹‹‹‹‹‹‹‹‹‹‹‹‹‹‹‹‹‹‹‹‹‹‹‹‹‹‹‹‹‹‹‹‹‹‹‹‹‹‹‹‹‹‹‹‹‹‹‹‹‹‹‹‹‹‹‹‹‹‹‹‹‹‹‹‹‹‹‹‹‹‹‹‹‹‹‹‹‹‹‹‹‹‹‹‹‹‹‹‹‹‹‹‹‹‹‹‹‹‹‹‹‹‹‹‹‹‹‹‹‹‹‹‹‹‹‹‹‹‹‹‹‹‹‹‹‹‹‹‹‹‹‹‹‹‹‹‹‹‹‹‹‹‹‹‹‹‹‹‹‹‹‹‹‹‹‹‹‹‹‹‹‹‹‹‹‹‹‹‹‹‹‹‹‹‹‹‹‹
CTNNBIP1 ‹‹‹‹‹‹‹‹‹‹‹‹‹‹‹‹‹‹‹‹‹‹‹‹‹‹‹‹‹‹‹‹‹‹‹‹‹‹‹‹‹‹‹‹‹‹‹‹‹‹‹‹‹‹‹‹‹‹‹‹‹‹‹‹‹‹‹‹‹‹‹‹‹‹‹‹‹‹‹‹‹‹‹‹‹‹‹‹‹‹‹‹‹‹‹‹‹‹‹‹‹‹‹‹‹‹‹‹‹‹‹‹‹‹‹‹‹‹‹‹‹‹‹‹‹‹‹‹‹‹‹‹‹‹‹‹‹‹‹‹‹‹‹‹‹‹‹‹‹‹‹‹‹‹‹‹‹‹‹‹‹‹‹‹‹‹‹‹‹‹‹‹‹‹‹‹‹‹‹‹‹‹‹‹‹‹‹‹‹‹‹‹‹‹‹‹‹‹‹‹‹‹‹‹‹‹‹‹‹‹
CTNNBIP1 ‹‹‹‹‹‹‹‹‹‹‹‹‹‹‹‹‹‹‹‹‹‹‹‹‹‹‹‹‹‹‹‹‹‹‹‹‹‹‹‹‹‹‹‹‹‹‹‹‹‹‹‹‹‹‹‹‹‹‹‹‹‹‹‹‹‹‹‹‹‹‹‹‹‹‹‹‹‹‹‹‹‹‹‹‹‹‹‹‹‹‹‹‹‹‹‹‹‹‹‹‹‹‹‹‹‹‹‹‹‹‹‹‹‹‹‹‹‹‹‹‹‹‹‹‹‹‹‹‹‹‹‹‹‹‹‹‹‹‹‹‹‹‹‹‹‹‹‹‹‹‹‹‹‹‹‹‹‹‹‹‹‹‹‹‹‹‹‹‹‹‹‹‹‹‹‹‹‹‹‹‹‹‹‹‹‹‹‹‹‹‹‹‹‹‹‹‹‹‹‹‹‹‹‹‹‹‹‹‹‹
CTNNBIP1 ‹‹‹‹‹‹‹‹‹‹‹‹‹‹‹‹‹‹‹‹‹‹‹‹‹‹‹‹‹‹‹‹‹‹‹‹‹‹‹‹‹‹‹‹‹‹‹‹‹‹‹‹‹‹‹‹‹‹‹‹‹‹‹‹‹‹‹‹‹‹‹‹‹‹‹‹‹‹‹‹‹‹‹‹‹‹‹‹‹‹‹‹‹‹‹‹‹‹‹‹‹‹‹‹‹‹‹‹‹‹‹‹‹‹‹‹‹‹‹‹‹‹‹‹‹‹‹‹‹‹‹‹‹‹‹‹‹‹‹‹‹‹‹‹‹‹‹‹‹‹‹‹‹‹‹‹‹‹‹‹‹‹‹‹‹‹‹‹‹‹‹‹‹‹‹‹‹‹‹‹‹‹‹‹‹‹‹‹‹‹‹‹‹‹‹‹‹‹‹‹‹‹‹‹‹‹‹‹‹‹
CTNNBIP1 ‹‹‹‹‹‹‹‹‹‹‹‹‹‹‹‹‹‹‹‹‹‹‹‹‹‹‹‹‹‹‹‹‹‹‹‹‹‹‹‹‹‹‹‹‹‹‹‹‹‹‹‹‹‹‹‹‹‹‹‹‹‹‹‹‹‹‹‹‹‹‹‹‹‹‹‹‹‹‹‹‹‹‹‹‹‹‹‹‹‹‹‹‹‹‹‹‹‹‹‹‹‹‹‹‹‹‹‹‹‹‹‹‹‹‹‹‹‹‹‹‹‹‹‹‹‹‹‹‹‹‹‹‹‹‹‹‹‹‹‹‹‹‹‹‹‹‹‹‹‹‹‹‹‹‹‹‹‹‹‹‹‹‹‹‹‹‹‹‹‹‹‹‹‹‹‹‹‹‹‹‹‹‹‹‹‹‹‹‹‹‹‹‹‹‹‹‹‹‹‹‹‹‹‹‹‹‹‹‹‹
CTNNBIP1 ‹‹‹‹‹‹‹‹‹‹‹‹‹‹‹‹‹‹‹‹‹‹‹‹‹‹‹‹‹‹‹‹‹‹‹‹‹‹‹‹‹‹‹‹‹‹‹‹‹‹‹‹‹‹‹‹‹‹‹‹‹‹‹‹‹‹‹‹‹‹‹‹‹‹‹‹‹‹‹‹‹‹‹‹‹‹‹‹‹‹‹‹‹‹‹‹‹‹‹‹‹‹‹‹‹‹‹‹‹‹‹‹‹‹‹‹‹‹‹‹‹‹‹‹‹‹‹‹‹‹‹‹‹‹‹‹‹‹‹‹‹‹‹‹‹‹‹‹‹‹‹‹‹‹‹‹‹‹‹‹‹‹‹‹‹‹‹‹‹‹‹‹‹‹‹‹‹‹‹‹‹‹‹‹‹‹‹‹‹‹‹‹‹‹‹‹‹‹‹‹‹‹‹‹‹‹‹‹‹‹
CTNNBIP1 ‹‹‹‹‹‹‹‹‹‹‹‹‹‹‹‹‹‹‹‹‹‹‹‹‹‹‹‹‹‹‹‹‹‹‹‹‹‹‹‹‹‹‹‹‹‹‹‹‹‹‹‹‹‹‹‹‹‹‹‹‹‹‹‹‹‹‹‹‹‹‹‹‹‹‹‹‹‹‹‹‹‹‹‹‹‹‹‹‹‹‹‹‹‹‹‹‹‹‹‹‹‹‹‹‹‹‹‹‹‹‹‹‹‹‹‹‹‹‹‹‹‹‹‹‹‹‹‹‹‹‹‹‹‹‹‹‹‹‹‹‹‹‹‹‹‹‹‹‹‹‹‹‹‹‹‹‹‹‹‹‹‹‹‹‹‹‹‹‹‹‹‹‹‹‹‹‹‹‹‹‹‹‹‹‹‹‹‹‹‹‹‹‹‹‹‹‹‹‹‹‹‹‹‹‹‹‹‹‹‹
CTNNBIP1 ‹‹‹‹‹‹‹‹‹‹‹‹‹‹‹‹‹‹‹‹‹‹‹‹‹‹‹‹‹‹‹‹‹‹‹‹‹‹‹‹‹‹‹‹‹‹‹‹‹‹‹‹‹‹‹‹‹‹‹‹‹‹‹‹‹‹‹‹‹‹‹‹‹‹‹‹‹‹‹‹‹‹‹‹‹‹‹‹‹‹‹‹‹‹‹‹‹‹‹‹‹‹‹‹‹‹‹‹‹‹‹‹‹‹‹‹‹‹‹‹‹‹‹‹‹‹‹‹‹‹‹‹‹‹‹‹‹‹‹‹‹‹‹‹‹‹‹‹‹‹‹‹‹‹‹‹‹‹‹‹‹‹‹‹‹‹‹‹‹‹‹‹‹‹‹‹‹‹‹‹‹‹‹‹‹‹‹‹‹‹‹‹‹‹‹‹‹‹‹‹‹‹‹‹‹‹‹‹‹‹
CTNNBIP1 ‹‹‹‹‹‹‹‹‹‹‹‹‹‹‹‹‹‹‹‹‹‹‹‹‹‹‹‹‹‹‹‹‹‹‹‹‹‹‹‹‹‹‹‹‹‹‹‹‹‹‹‹‹‹‹‹‹‹‹‹‹‹‹‹‹‹‹‹‹‹‹‹‹‹‹‹‹‹‹‹‹‹‹‹‹‹‹‹‹‹‹‹‹‹‹‹‹‹‹‹‹‹‹‹‹‹‹‹‹‹‹‹‹‹‹‹‹‹‹‹‹‹‹‹‹‹‹‹‹‹‹‹‹‹‹‹‹‹‹‹‹‹‹‹‹‹‹‹‹‹‹‹‹‹‹‹‹‹‹‹‹‹‹‹‹‹‹‹‹‹‹‹‹‹‹‹‹‹‹‹‹‹‹‹‹‹‹‹‹‹‹‹‹‹‹‹‹‹‹‹‹‹‹‹‹‹‹‹‹‹
RefSeq genes from NCBI
RefSeq Curated
Publications: Sequences in Scientific Articles
Sequences
SNPs
OMIM Gene Phenotypes - Dark Green Can Be Disease-causing
OMIM Genes
Short Genetic Variants from dbSNP release 155
Common dbSNP(155)
Gene Expression in 54 tissues from GTEx RNA-seq of 17382 samples, 948 donors (V8, Aug 2019)
CTNNBIP1
H3K27Ac Mark (Often Found Near Active Regulatory Elements) on 7 cell lines from ENCODE
Layered H3K27Ac
100 vertebrates Basewise Conservation by PhyloP
4.88 _
100 Vert. Cons
-4.5 _
G A	A	A
Multiz Alignments of 100 Vertebrates
Gaps	5
Human	G	G	A	G	T	A	A	A	A	A	T	A	A	A	C	A
Rhesus	G	G	A	G	T	A	A	A	A	A	T	A	A	A	C	A
Mouse	=	=	=	=	=	=	=	=	=	=	=	=	=	=	=	=
Dog	G	G	A	A	T	A	A	G	A	C	T	A	A	A	C	A
Elephant	=	=	=	=	=	-	A	A	A	T	T	A	A	G	C	A
Chicken	=	=	=	=	=	=	=	=	=	=	=	=	=	=	=	=
X_tropicalis
Zebrafish
Repeating Elements by RepeatMasker
RepeatMasker
